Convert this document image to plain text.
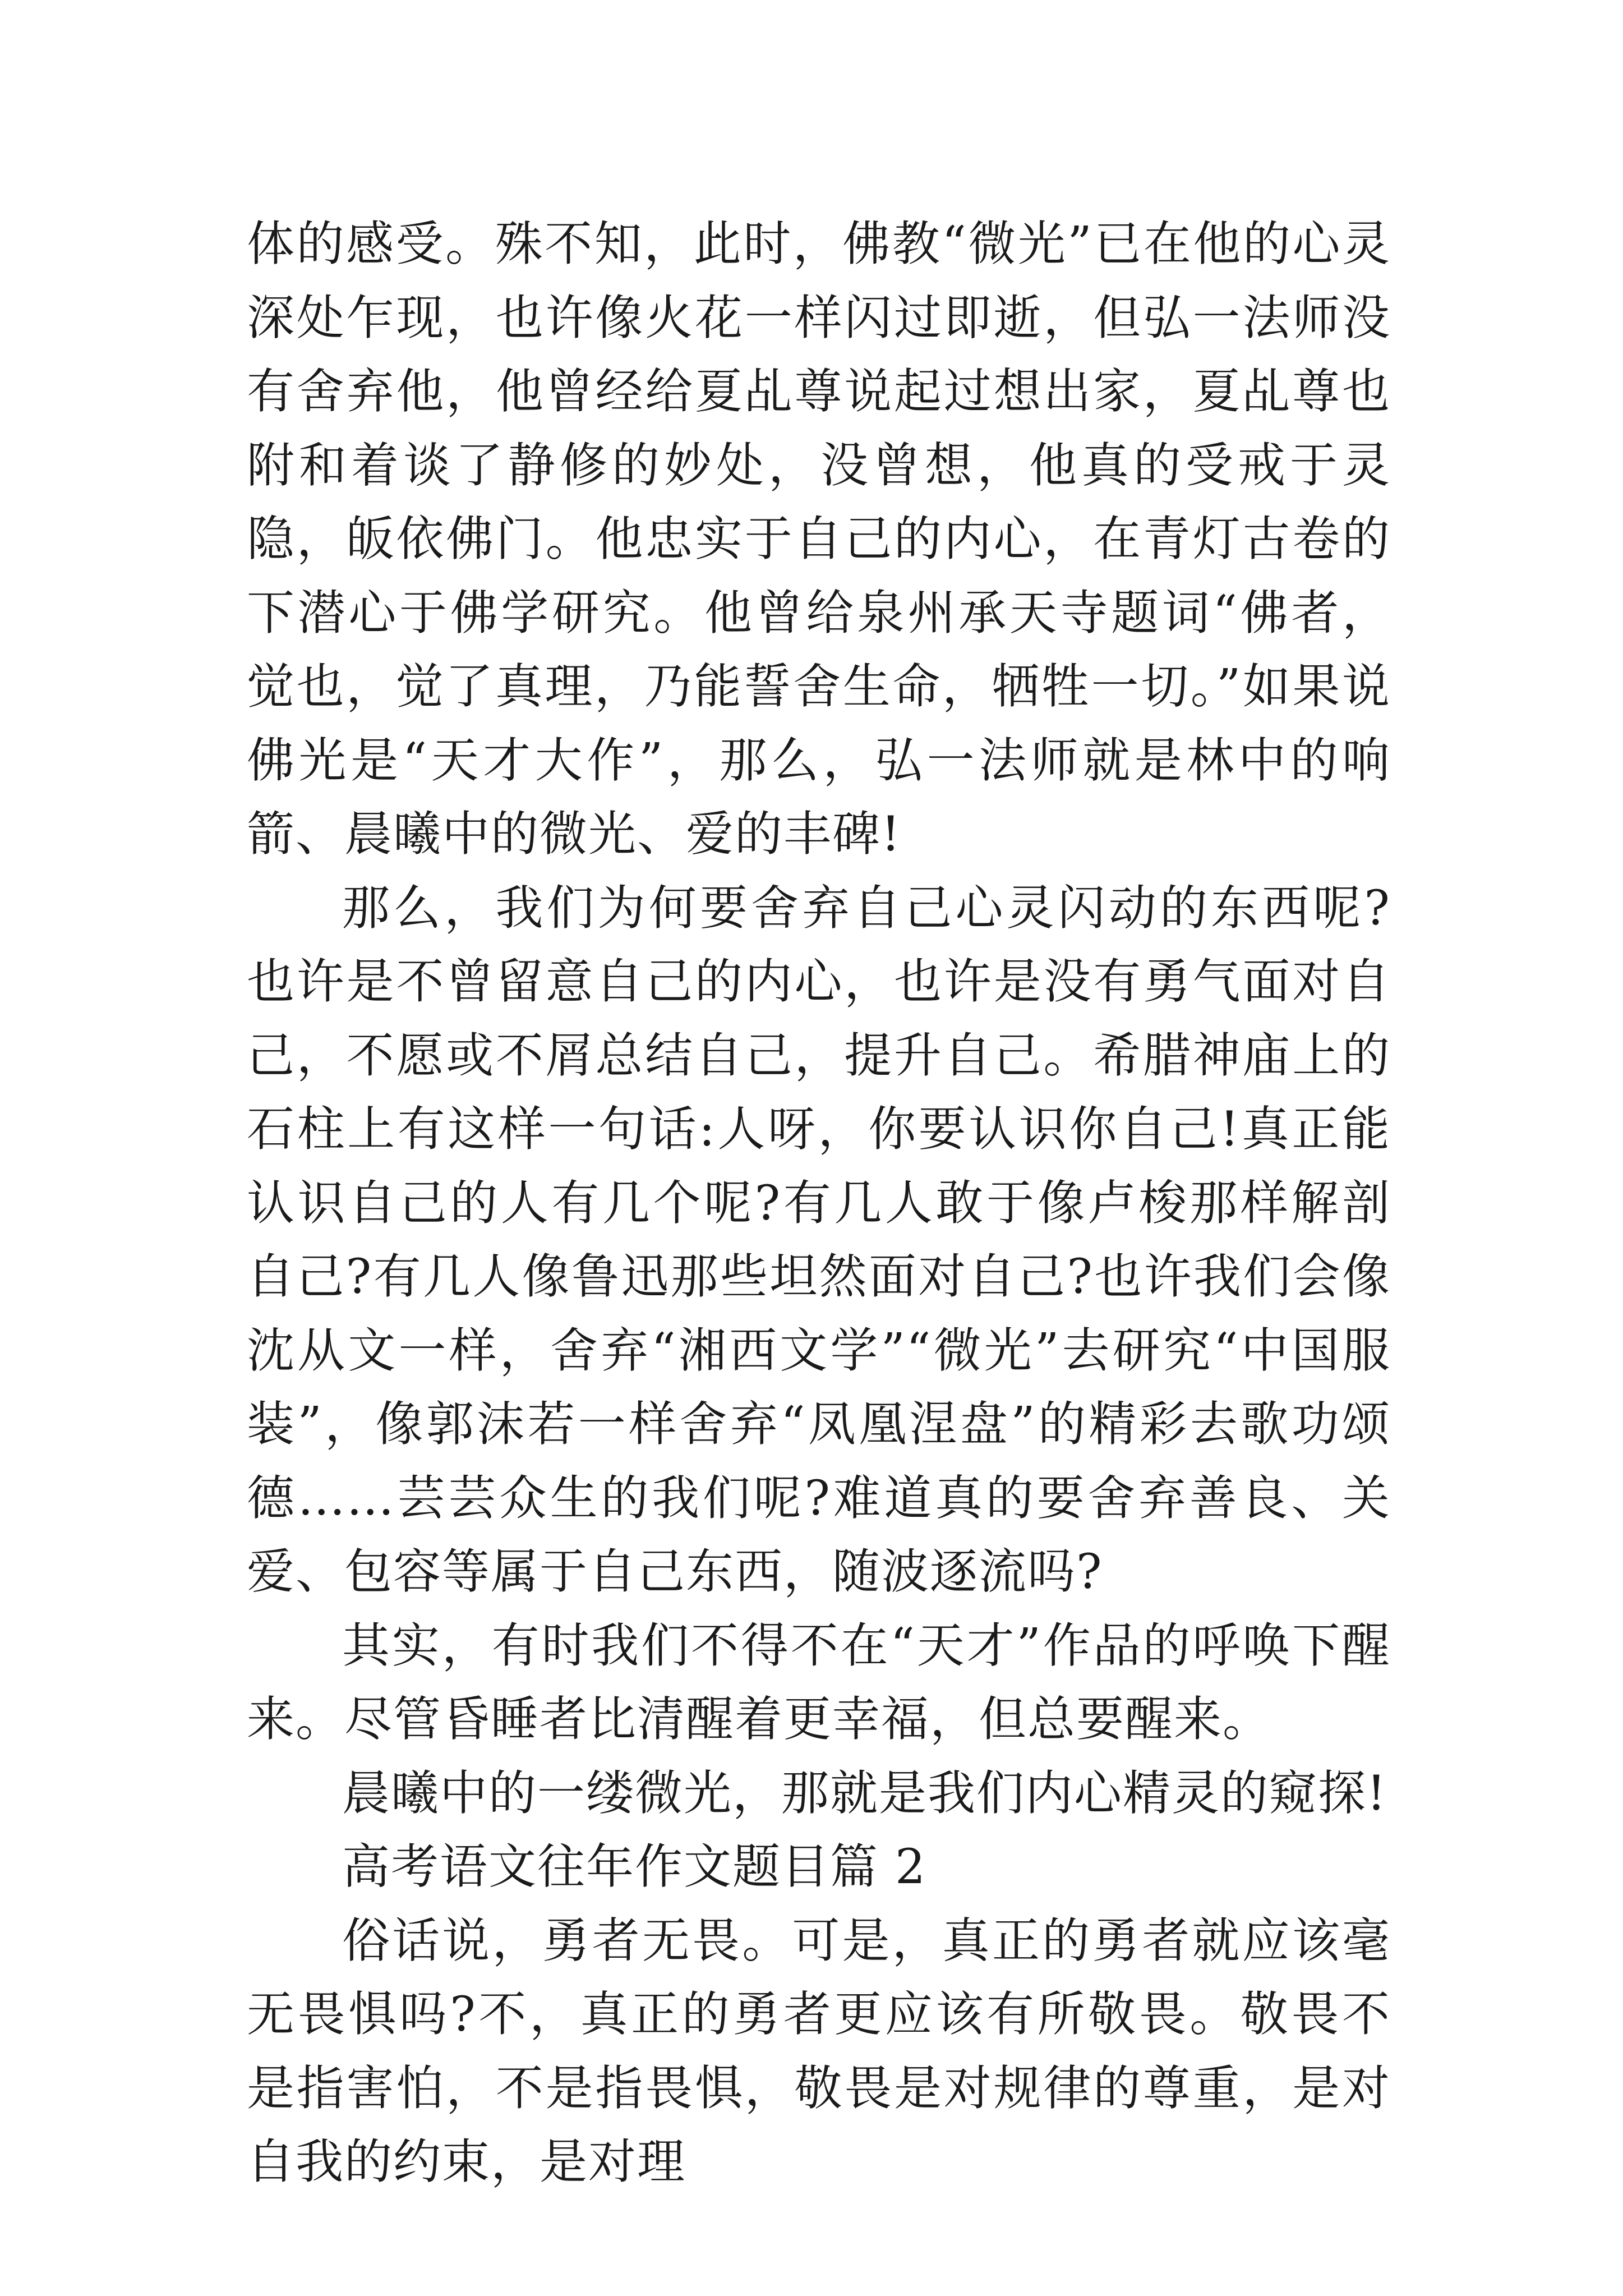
体的感受。殊不知，此时，佛教“微光”已在他的心灵深处乍现，也许像火花一样闪过即逝，但弘一法师没有舍弃他，他曾经给夏乩尊说起过想出家，夏乩尊也附和着谈了静修的妙处，没曾想，他真的受戒于灵隐，皈依佛门。他忠实于自己的内心，在青灯古卷的下潜心于佛学研究。他曾给泉州承天寺题词“佛者，觉也，觉了真理，乃能誓舍生命，牺牲一切。”如果说佛光是“天才大作”，那么，弘一法师就是林中的响箭、晨曦中的微光、爱的丰碑!

那么，我们为何要舍弃自己心灵闪动的东西呢?也许是不曾留意自己的内心，也许是没有勇气面对自己，不愿或不屑总结自己，提升自己。希腊神庙上的石柱上有这样一句话:人呀，你要认识你自己!真正能认识自己的人有几个呢?有几人敢于像卢梭那样解剖自己?有几人像鲁迅那些坦然面对自己?也许我们会像沈从文一样，舍弃“湘西文学”“微光”去研究“中国服装”，像郭沫若一样舍弃“凤凰涅盘”的精彩去歌功颂德……芸芸众生的我们呢?难道真的要舍弃善良、关爱、包容等属于自己东西，随波逐流吗?

其实，有时我们不得不在“天才”作品的呼唤下醒来。尽管昏睡者比清醒着更幸福，但总要醒来。

晨曦中的一缕微光，那就是我们内心精灵的窥探!

高考语文往年作文题目篇 2

俗话说，勇者无畏。可是，真正的勇者就应该毫无畏惧吗?不，真正的勇者更应该有所敬畏。敬畏不是指害怕，不是指畏惧，敬畏是对规律的尊重，是对自我的约束，是对理
